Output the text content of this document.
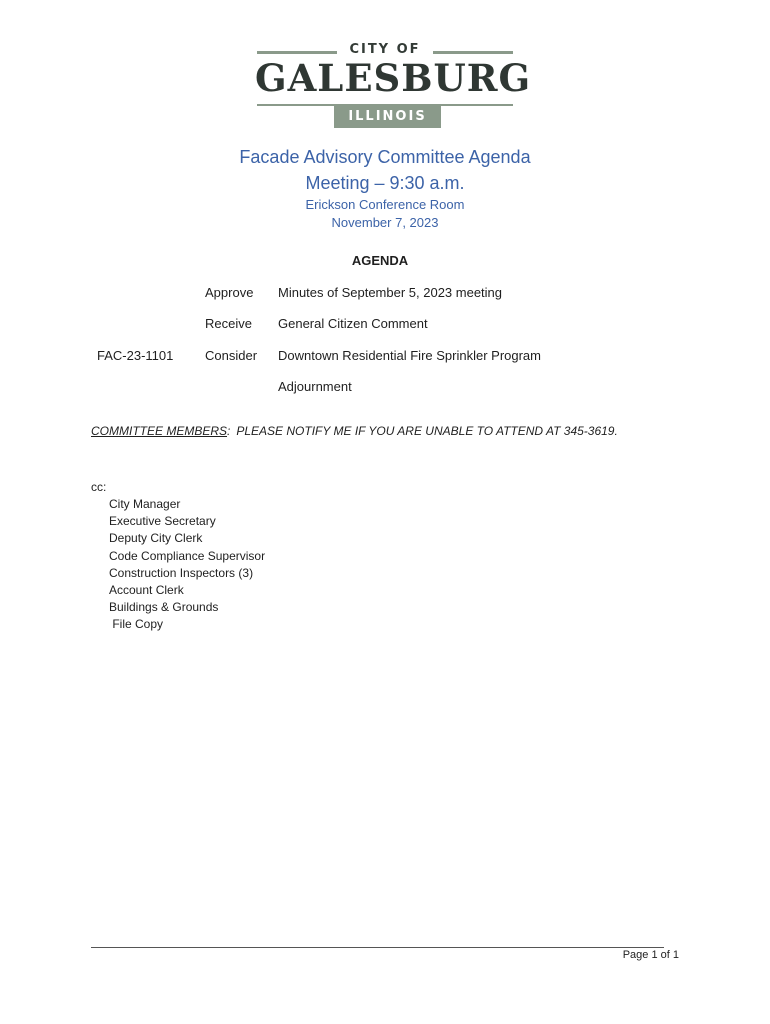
CITY OF
GALESBURG
ILLINOIS
Facade Advisory Committee Agenda
Meeting – 9:30 a.m.
Erickson Conference Room
November 7, 2023
AGENDA
Approve Minutes of September 5, 2023 meeting
Receive General Citizen Comment
FAC-23-1101 Consider Downtown Residential Fire Sprinkler Program
Adjournment
COMMITTEE MEMBERS: PLEASE NOTIFY ME IF YOU ARE UNABLE TO ATTEND AT 345-3619.
cc:
City Manager
Executive Secretary
Deputy City Clerk
Code Compliance Supervisor
Construction Inspectors (3)
Account Clerk
Buildings & Grounds
File Copy
Page 1 of 1
